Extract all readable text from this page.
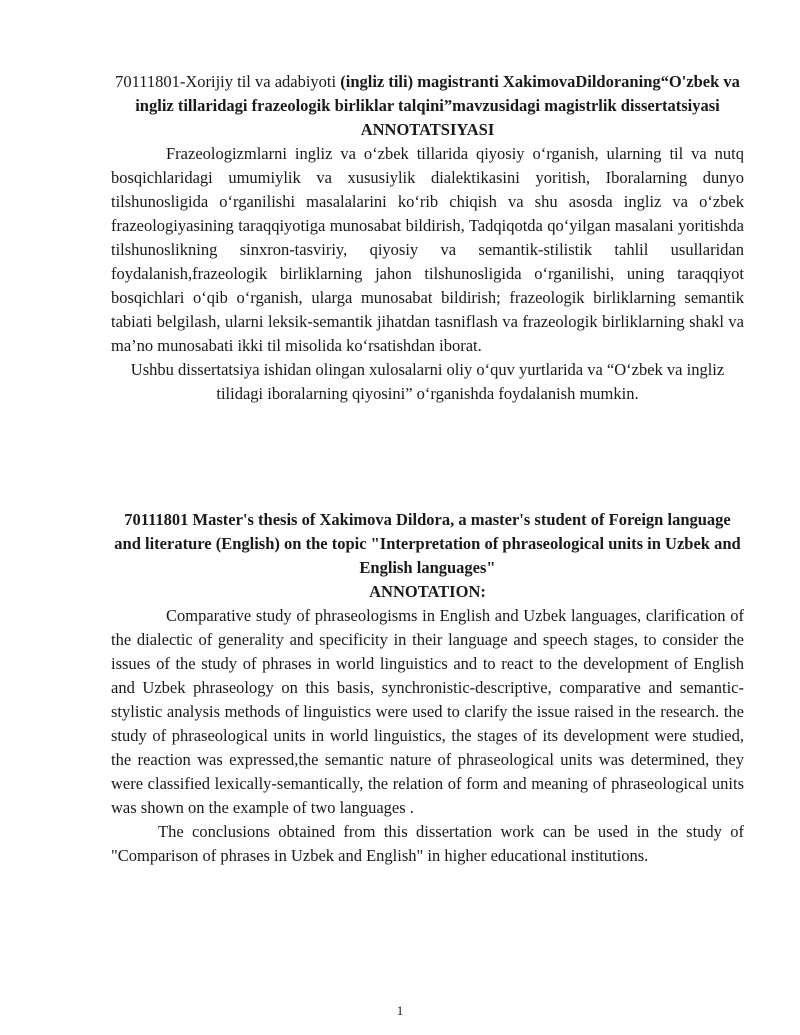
70111801-Xorijiy til va adabiyoti (ingliz tili) magistranti XakimovaDildoraning“O'zbek va ingliz tillaridagi frazeologik birliklar talqini”mavzusidagi magistrlik dissertatsiyasi

ANNOTATSIYASI

Frazeologizmlarni ingliz va o‘zbek tillarida qiyosiy o‘rganish, ularning til va nutq bosqichlaridagi umumiylik va xususiylik dialektikasini yoritish, Iboralarning dunyo tilshunosligida o‘rganilishi masalalarini ko‘rib chiqish va shu asosda ingliz va o‘zbek frazeologiyasining taraqqiyotiga munosabat bildirish, Tadqiqotda qo‘yilgan masalani yoritishda tilshunoslikning sinxron-tasviriy, qiyosiy va semantik-stilistik tahlil usullaridan foydalanish,frazeologik birliklarning jahon tilshunosligida o‘rganilishi, uning taraqqiyot bosqichlari o‘qib o‘rganish, ularga munosabat bildirish; frazeologik birliklarning semantik tabiati belgilash, ularni leksik-semantik jihatdan tasniflash va frazeologik birliklarning shakl va ma’no munosabati ikki til misolida ko‘rsatishdan iborat.

Ushbu dissertatsiya ishidan olingan xulosalarni oliy o‘quv yurtlarida va “O‘zbek va ingliz tilidagi iboralarning qiyosini” o‘rganishda foydalanish mumkin.

70111801 Master's thesis of Xakimova Dildora, a master's student of Foreign language and literature (English) on the topic "Interpretation of phraseological units in Uzbek and English languages"

ANNOTATION:

Comparative study of phraseologisms in English and Uzbek languages, clarification of the dialectic of generality and specificity in their language and speech stages, to consider the issues of the study of phrases in world linguistics and to react to the development of English and Uzbek phraseology on this basis, synchronistic-descriptive, comparative and semantic-stylistic analysis methods of linguistics were used to clarify the issue raised in the research. the study of phraseological units in world linguistics, the stages of its development were studied, the reaction was expressed,the semantic nature of phraseological units was determined, they were classified lexically-semantically, the relation of form and meaning of phraseological units was shown on the example of two languages .

The conclusions obtained from this dissertation work can be used in the study of "Comparison of phrases in Uzbek and English" in higher educational institutions.

1
